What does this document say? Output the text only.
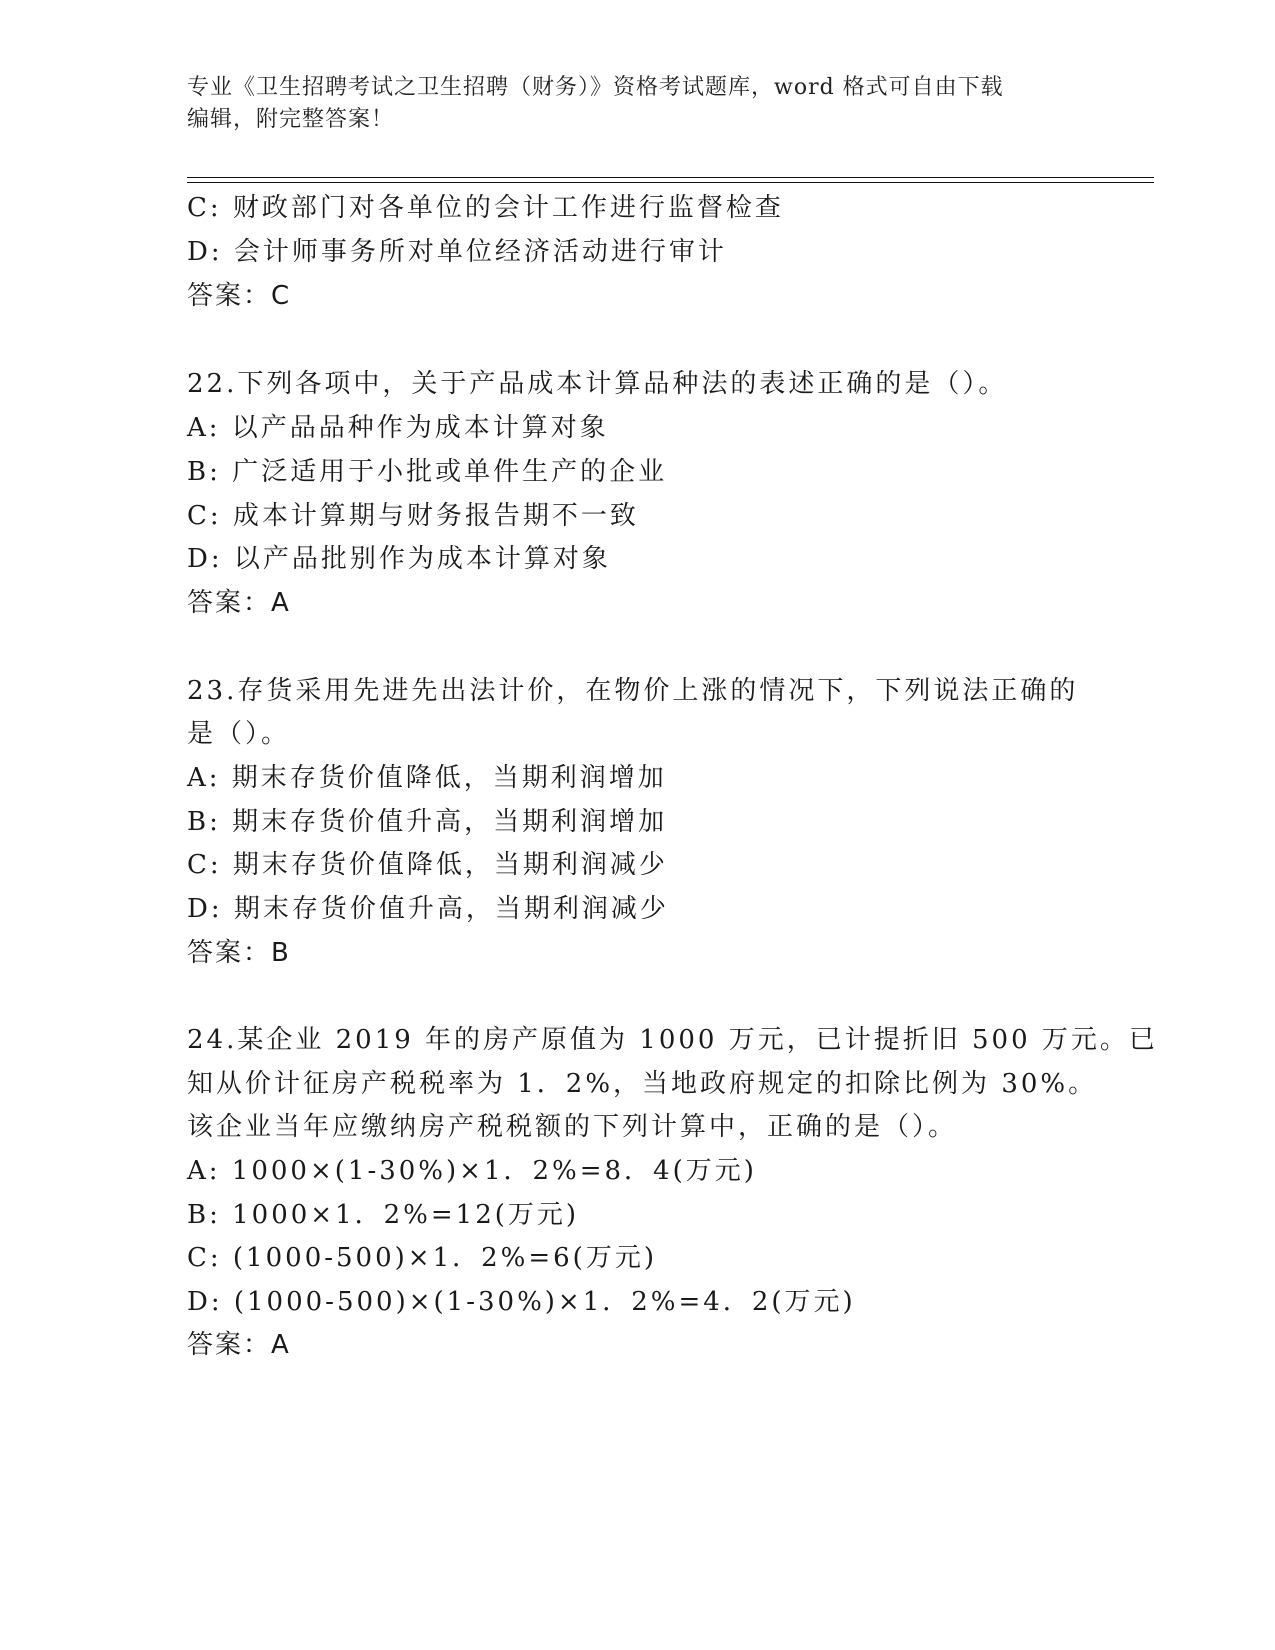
专业《卫生招聘考试之卫生招聘（财务）》资格考试题库，word 格式可自由下载
编辑，附完整答案！
C: 财政部门对各单位的会计工作进行监督检查
D: 会计师事务所对单位经济活动进行审计
答案：C
22.下列各项中，关于产品成本计算品种法的表述正确的是（）。
A: 以产品品种作为成本计算对象
B: 广泛适用于小批或单件生产的企业
C: 成本计算期与财务报告期不一致
D: 以产品批别作为成本计算对象
答案：A
23.存货采用先进先出法计价，在物价上涨的情况下，下列说法正确的
是（）。
A: 期末存货价值降低，当期利润增加
B: 期末存货价值升高，当期利润增加
C: 期末存货价值降低，当期利润减少
D: 期末存货价值升高，当期利润减少
答案：B
24.某企业 2019 年的房产原值为 1000 万元，已计提折旧 500 万元。已
知从价计征房产税税率为 1．2%，当地政府规定的扣除比例为 30%。
该企业当年应缴纳房产税税额的下列计算中，正确的是（）。
A: 1000×(1-30%)×1．2%=8．4(万元)
B: 1000×1．2%=12(万元)
C: (1000-500)×1．2%=6(万元)
D: (1000-500)×(1-30%)×1．2%=4．2(万元)
答案：A
